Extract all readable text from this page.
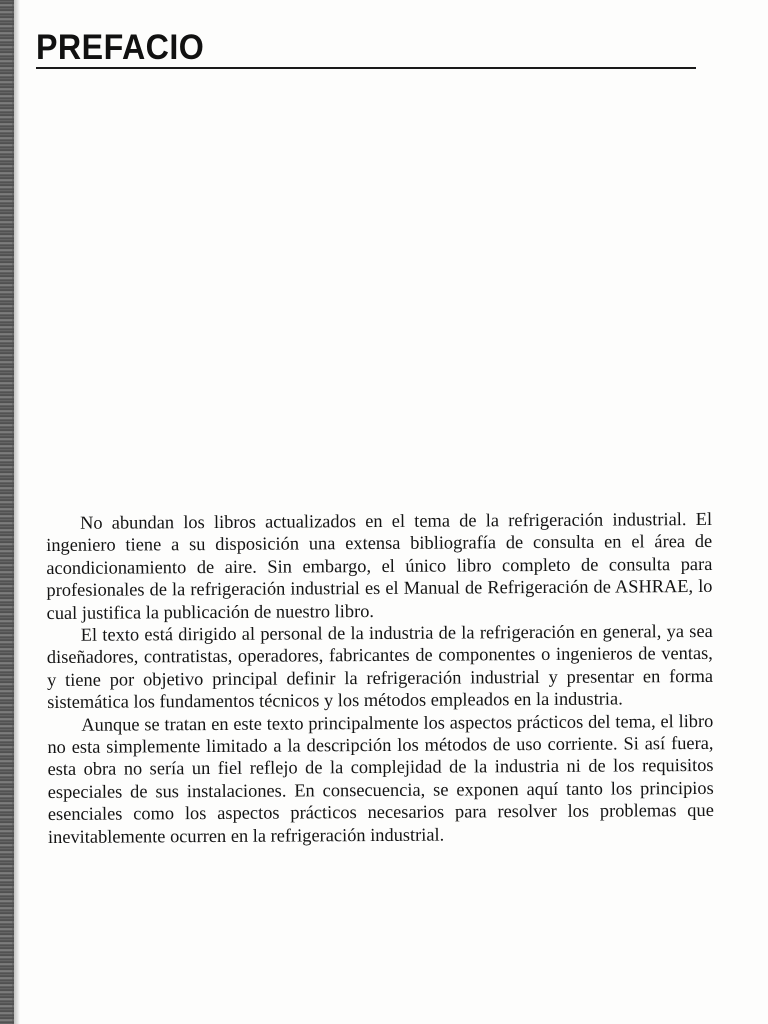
PREFACIO

No abundan los libros actualizados en el tema de la refrigeración industrial. El ingeniero tiene a su disposición una extensa bibliografía de consulta en el área de acondicionamiento de aire. Sin embargo, el único libro completo de consulta para profesionales de la refrigeración industrial es el Manual de Refrigeración de ASHRAE, lo cual justifica la publicación de nuestro libro.

El texto está dirigido al personal de la industria de la refrigeración en general, ya sea diseñadores, contratistas, operadores, fabricantes de componentes o ingenieros de ventas, y tiene por objetivo principal definir la refrigeración industrial y presentar en forma sistemática los fundamentos técnicos y los métodos empleados en la industria.

Aunque se tratan en este texto principalmente los aspectos prácticos del tema, el libro no esta simplemente limitado a la descripción los métodos de uso corriente. Si así fuera, esta obra no sería un fiel reflejo de la complejidad de la industria ni de los requisitos especiales de sus instalaciones. En consecuencia, se exponen aquí tanto los principios esenciales como los aspectos prácticos necesarios para resolver los problemas que inevitablemente ocurren en la refrigeración industrial.
